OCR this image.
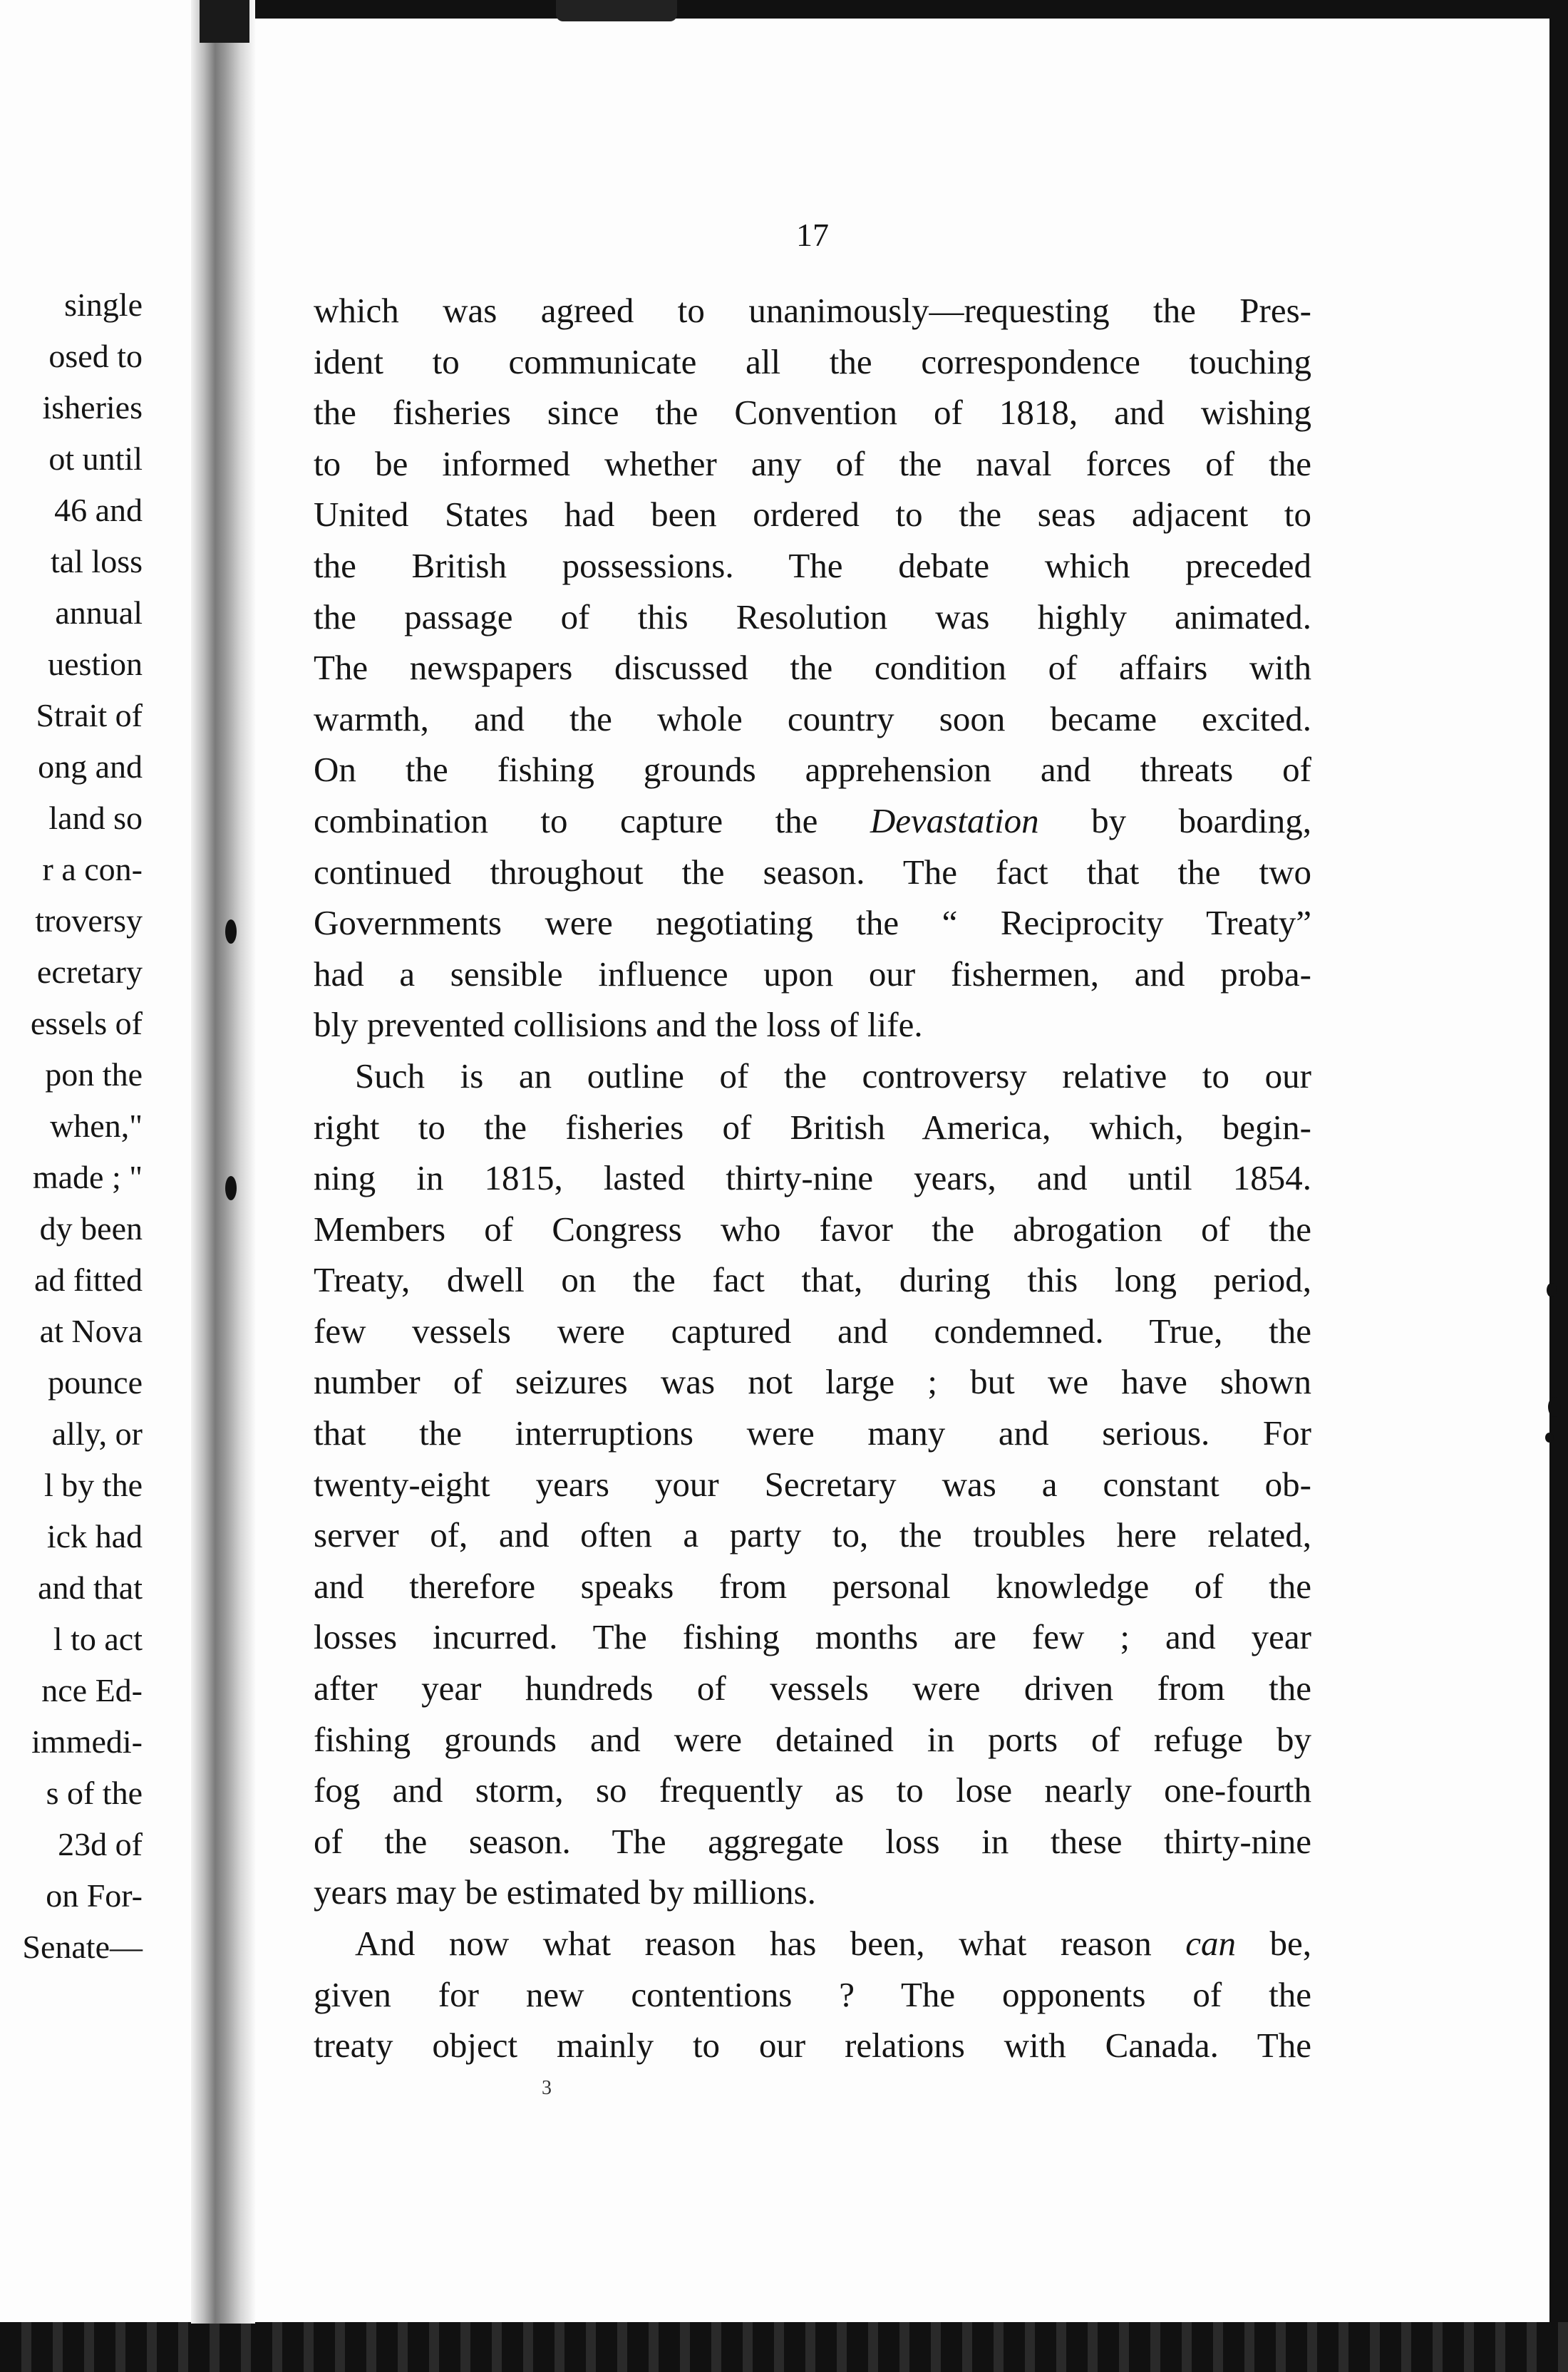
single
osed to
isheries
ot until
46 and
tal loss
annual
uestion
Strait of
ong and
land so
r a con-
troversy
ecretary
essels of
pon the
when,"
made ; "
dy been
ad fitted
at Nova
pounce
ally, or
l by the
ick had
and that
l to act
nce Ed-
immedi-
s of the
23d of
on For-
Senate—
17
which was agreed to unanimously—requesting the Pres-
ident to communicate all the correspondence touching
the fisheries since the Convention of 1818, and wishing
to be informed whether any of the naval forces of the
United States had been ordered to the seas adjacent to
the British possessions. The debate which preceded
the passage of this Resolution was highly animated.
The newspapers discussed the condition of affairs with
warmth, and the whole country soon became excited.
On the fishing grounds apprehension and threats of
combination to capture the Devastation by boarding,
continued throughout the season. The fact that the two
Governments were negotiating the “ Reciprocity Treaty”
had a sensible influence upon our fishermen, and proba-
bly prevented collisions and the loss of life.
Such is an outline of the controversy relative to our
right to the fisheries of British America, which, begin-
ning in 1815, lasted thirty-nine years, and until 1854.
Members of Congress who favor the abrogation of the
Treaty, dwell on the fact that, during this long period,
few vessels were captured and condemned. True, the
number of seizures was not large ; but we have shown
that the interruptions were many and serious. For
twenty-eight years your Secretary was a constant ob-
server of, and often a party to, the troubles here related,
and therefore speaks from personal knowledge of the
losses incurred. The fishing months are few ; and year
after year hundreds of vessels were driven from the
fishing grounds and were detained in ports of refuge by
fog and storm, so frequently as to lose nearly one-fourth
of the season. The aggregate loss in these thirty-nine
years may be estimated by millions.
And now what reason has been, what reason can be,
given for new contentions ? The opponents of the
treaty object mainly to our relations with Canada. The
3
